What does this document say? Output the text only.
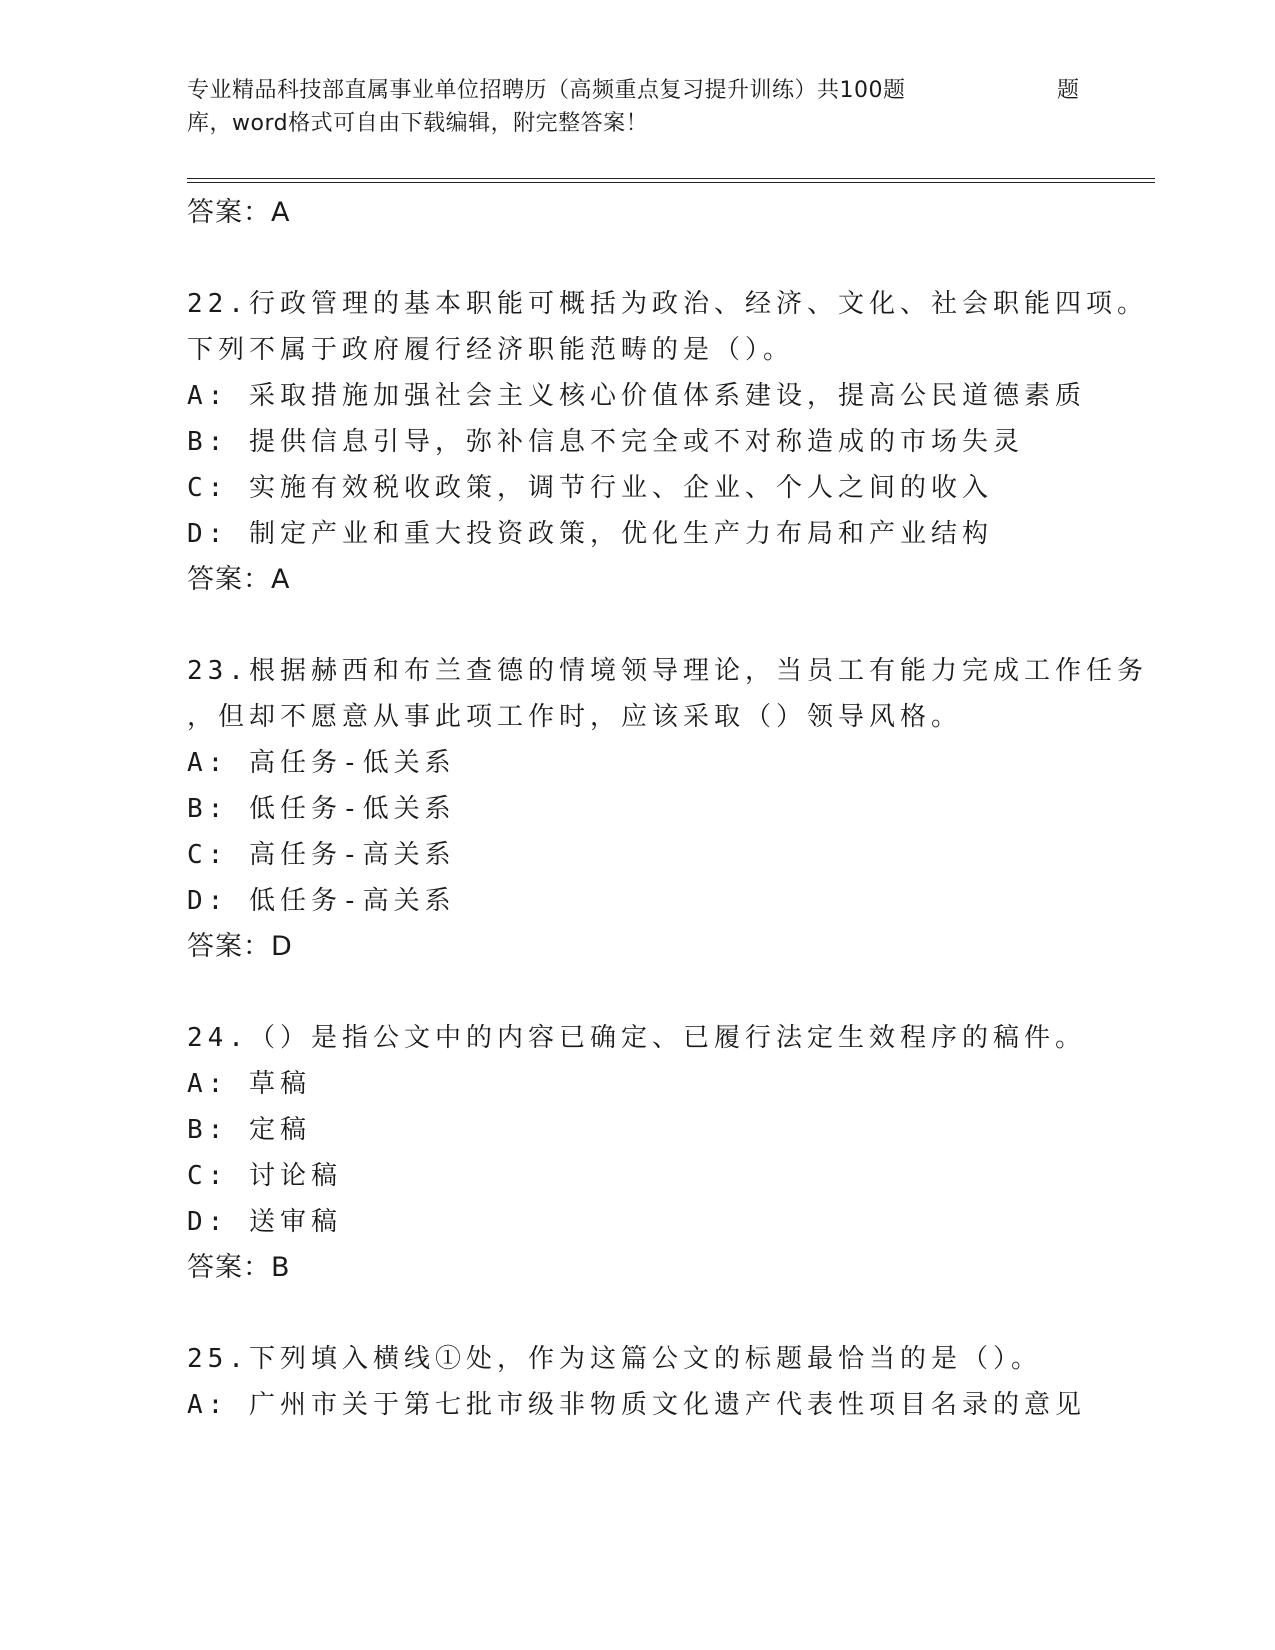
专业精品科技部直属事业单位招聘历（高频重点复习提升训练）共100题	题
库，word格式可自由下载编辑，附完整答案！
答案：A
22.行政管理的基本职能可概括为政治、经济、文化、社会职能四项。
下列不属于政府履行经济职能范畴的是（）。
A: 采取措施加强社会主义核心价值体系建设，提高公民道德素质
B: 提供信息引导，弥补信息不完全或不对称造成的市场失灵
C: 实施有效税收政策，调节行业、企业、个人之间的收入
D: 制定产业和重大投资政策，优化生产力布局和产业结构
答案：A
23.根据赫西和布兰查德的情境领导理论，当员工有能力完成工作任务
，但却不愿意从事此项工作时，应该采取（）领导风格。
A: 高任务-低关系
B: 低任务-低关系
C: 高任务-高关系
D: 低任务-高关系
答案：D
24.（）是指公文中的内容已确定、已履行法定生效程序的稿件。
A: 草稿
B: 定稿
C: 讨论稿
D: 送审稿
答案：B
25.下列填入横线①处，作为这篇公文的标题最恰当的是（）。
A: 广州市关于第七批市级非物质文化遗产代表性项目名录的意见
